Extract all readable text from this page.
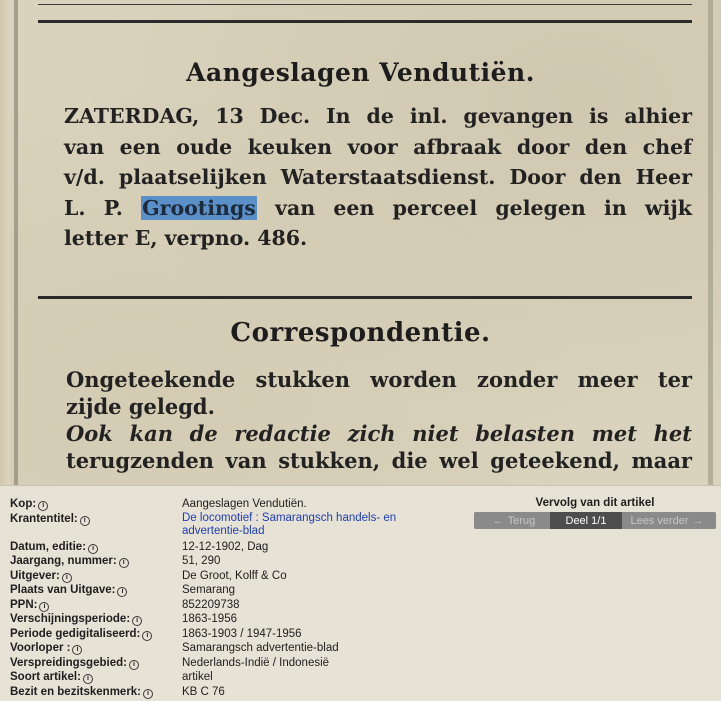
Aangeslagen Vendutiën.
ZATERDAG, 13 Dec. In de inl. gevangen is alhier
van een oude keuken voor afbraak door den chef
v/d. plaatselijken Waterstaatsdienst. Door den Heer
L. P. Grootings van een perceel gelegen in wijk
letter E, verpno. 486.
Correspondentie.
Ongeteekende stukken worden zonder meer ter
zijde gelegd.
Ook kan de redactie zich niet belasten met het
terugzenden van stukken, die wel geteekend, maar
Kop: i	Aangeslagen Vendutiën.
Krantentitel: i	De locomotief : Samarangsch handels- en advertentie-blad
Datum, editie: i	12-12-1902, Dag
Jaargang, nummer: i	51, 290
Uitgever: i	De Groot, Kolff & Co
Plaats van Uitgave: i	Semarang
PPN: i	852209738
Verschijningsperiode: i	1863-1956
Periode gedigitaliseerd: i	1863-1903 / 1947-1956
Voorloper : i	Samarangsch advertentie-blad
Verspreidingsgebied: i	Nederlands-Indië / Indonesië
Soort artikel: i	artikel
Bezit en bezitskenmerk: i	KB C 76
Vervolg van dit artikel
← Terug	Deel 1/1	Lees verder →
